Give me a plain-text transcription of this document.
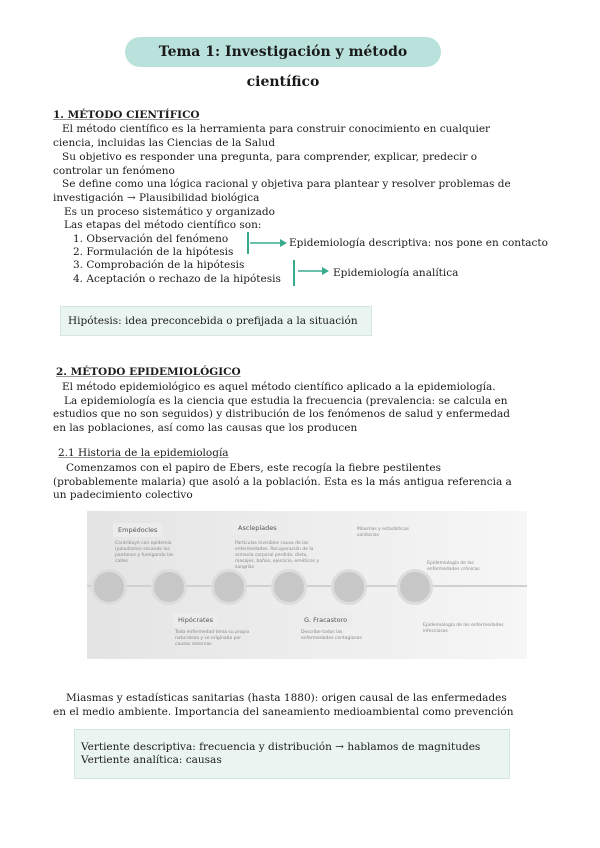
Tema 1: Investigación y método científico
1. MÉTODO CIENTÍFICO
El método científico es la herramienta para construir conocimiento en cualquier
ciencia, incluidas las Ciencias de la Salud
Su objetivo es responder una pregunta, para comprender, explicar, predecir o
controlar un fenómeno
Se define como una lógica racional y objetiva para plantear y resolver problemas de
investigación → Plausibilidad biológica
Es un proceso sistemático y organizado
Las etapas del método científico son:
1. Observación del fenómeno
2. Formulación de la hipótesis
3. Comprobación de la hipótesis
4. Aceptación o rechazo de la hipótesis
Epidemiología descriptiva: nos pone en contacto
Epidemiología analítica
Hipótesis: idea preconcebida o prefijada a la situación
2. MÉTODO EPIDEMIOLÓGICO
El método epidemiológico es aquel método científico aplicado a la epidemiología.
La epidemiología es la ciencia que estudia la frecuencia (prevalencia: se calcula en
estudios que no son seguidos) y distribución de los fenómenos de salud y enfermedad
en las poblaciones, así como las causas que los producen
2.1 Historia de la epidemiología
Comenzamos con el papiro de Ebers, este recogía la fiebre pestilentes
(probablemente malaria) que asoló a la población. Esta es la más antigua referencia a
un padecimiento colectivo
Empédocles
Contribuyó con epidemia (paludismo) secando los pantanos y fumigando las calles
Asclepíades
Partículas invisibles causa de las enfermedades. Recuperación de la armonía corporal perdida: dieta, masajes, baños, ejercicio, eméticos y sangrías
Hipócrates
Toda enfermedad tenía su propio naturaleza y se originaba por causas externas
G. Fracastoro
Describe todas las enfermedades contagiosas
Miasmas y estadísticas sanitarias
Epidemiología de las enfermedades crónicas
Epidemiología de las enfermedades infecciosas
Miasmas y estadísticas sanitarias (hasta 1880): origen causal de las enfermedades
en el medio ambiente. Importancia del saneamiento medioambiental como prevención
Vertiente descriptiva: frecuencia y distribución → hablamos de magnitudes
Vertiente analítica: causas
